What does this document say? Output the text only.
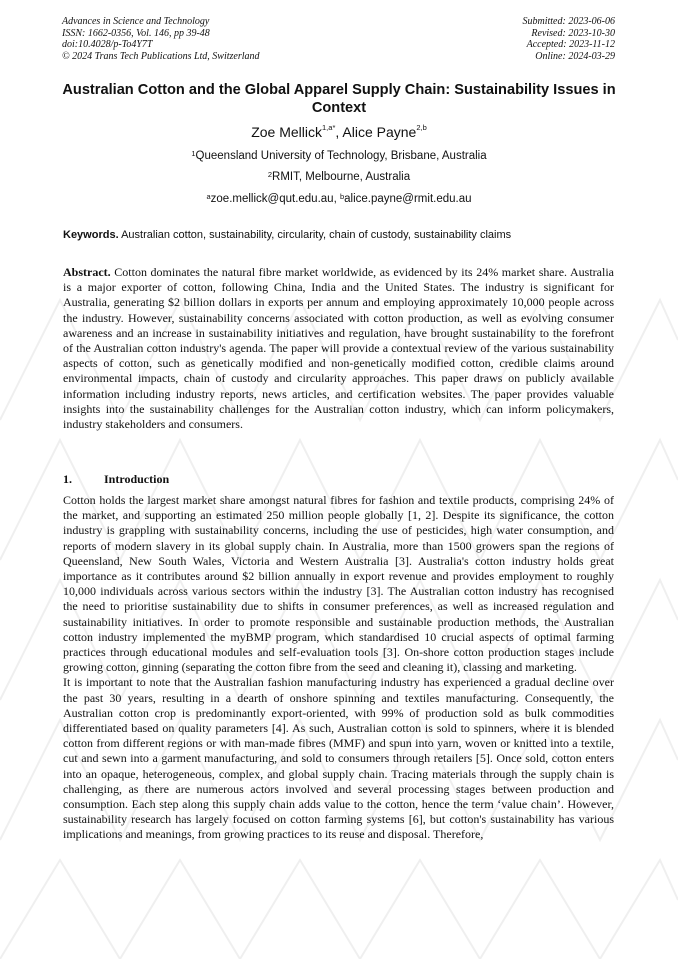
Advances in Science and Technology
ISSN: 1662-0356, Vol. 146, pp 39-48
doi:10.4028/p-To4Y7T
© 2024 Trans Tech Publications Ltd, Switzerland
Submitted: 2023-06-06
Revised: 2023-10-30
Accepted: 2023-11-12
Online: 2024-03-29
Australian Cotton and the Global Apparel Supply Chain: Sustainability Issues in Context
Zoe Mellick$^{1,a*}$, Alice Payne$^{2,b}$
$^1$Queensland University of Technology, Brisbane, Australia
$^2$RMIT, Melbourne, Australia
$^a$zoe.mellick@qut.edu.au, $^b$alice.payne@rmit.edu.au
Keywords. Australian cotton, sustainability, circularity, chain of custody, sustainability claims
Abstract. Cotton dominates the natural fibre market worldwide, as evidenced by its 24% market share. Australia is a major exporter of cotton, following China, India and the United States. The industry is significant for Australia, generating $2 billion dollars in exports per annum and employing approximately 10,000 people across the industry. However, sustainability concerns associated with cotton production, as well as evolving consumer awareness and an increase in sustainability initiatives and regulation, have brought sustainability to the forefront of the Australian cotton industry's agenda. The paper will provide a contextual review of the various sustainability aspects of cotton, such as genetically modified and non-genetically modified cotton, credible claims around environmental impacts, chain of custody and circularity approaches. This paper draws on publicly available information including industry reports, news articles, and certification websites. The paper provides valuable insights into the sustainability challenges for the Australian cotton industry, which can inform policymakers, industry stakeholders and consumers.
1.	Introduction

Cotton holds the largest market share amongst natural fibres for fashion and textile products, comprising 24% of the market, and supporting an estimated 250 million people globally [1, 2]. Despite its significance, the cotton industry is grappling with sustainability concerns, including the use of pesticides, high water consumption, and reports of modern slavery in its global supply chain. In Australia, more than 1500 growers span the regions of Queensland, New South Wales, Victoria and Western Australia [3]. Australia's cotton industry holds great importance as it contributes around $2 billion annually in export revenue and provides employment to roughly 10,000 individuals across various sectors within the industry [3]. The Australian cotton industry has recognised the need to prioritise sustainability due to shifts in consumer preferences, as well as increased regulation and sustainability initiatives. In order to promote responsible and sustainable production methods, the Australian cotton industry implemented the myBMP program, which standardised 10 crucial aspects of optimal farming practices through educational modules and self-evaluation tools [3]. On-shore cotton production stages include growing cotton, ginning (separating the cotton fibre from the seed and cleaning it), classing and marketing.

It is important to note that the Australian fashion manufacturing industry has experienced a gradual decline over the past 30 years, resulting in a dearth of onshore spinning and textiles manufacturing. Consequently, the Australian cotton crop is predominantly export-oriented, with 99% of production sold as bulk commodities differentiated based on quality parameters [4]. As such, Australian cotton is sold to spinners, where it is blended cotton from different regions or with man-made fibres (MMF) and spun into yarn, woven or knitted into a textile, cut and sewn into a garment manufacturing, and sold to consumers through retailers [5]. Once sold, cotton enters into an opaque, heterogeneous, complex, and global supply chain. Tracing materials through the supply chain is challenging, as there are numerous actors involved and several processing stages between production and consumption. Each step along this supply chain adds value to the cotton, hence the term ‘value chain’. However, sustainability research has largely focused on cotton farming systems [6], but cotton's sustainability has various implications and meanings, from growing practices to its reuse and disposal. Therefore,
